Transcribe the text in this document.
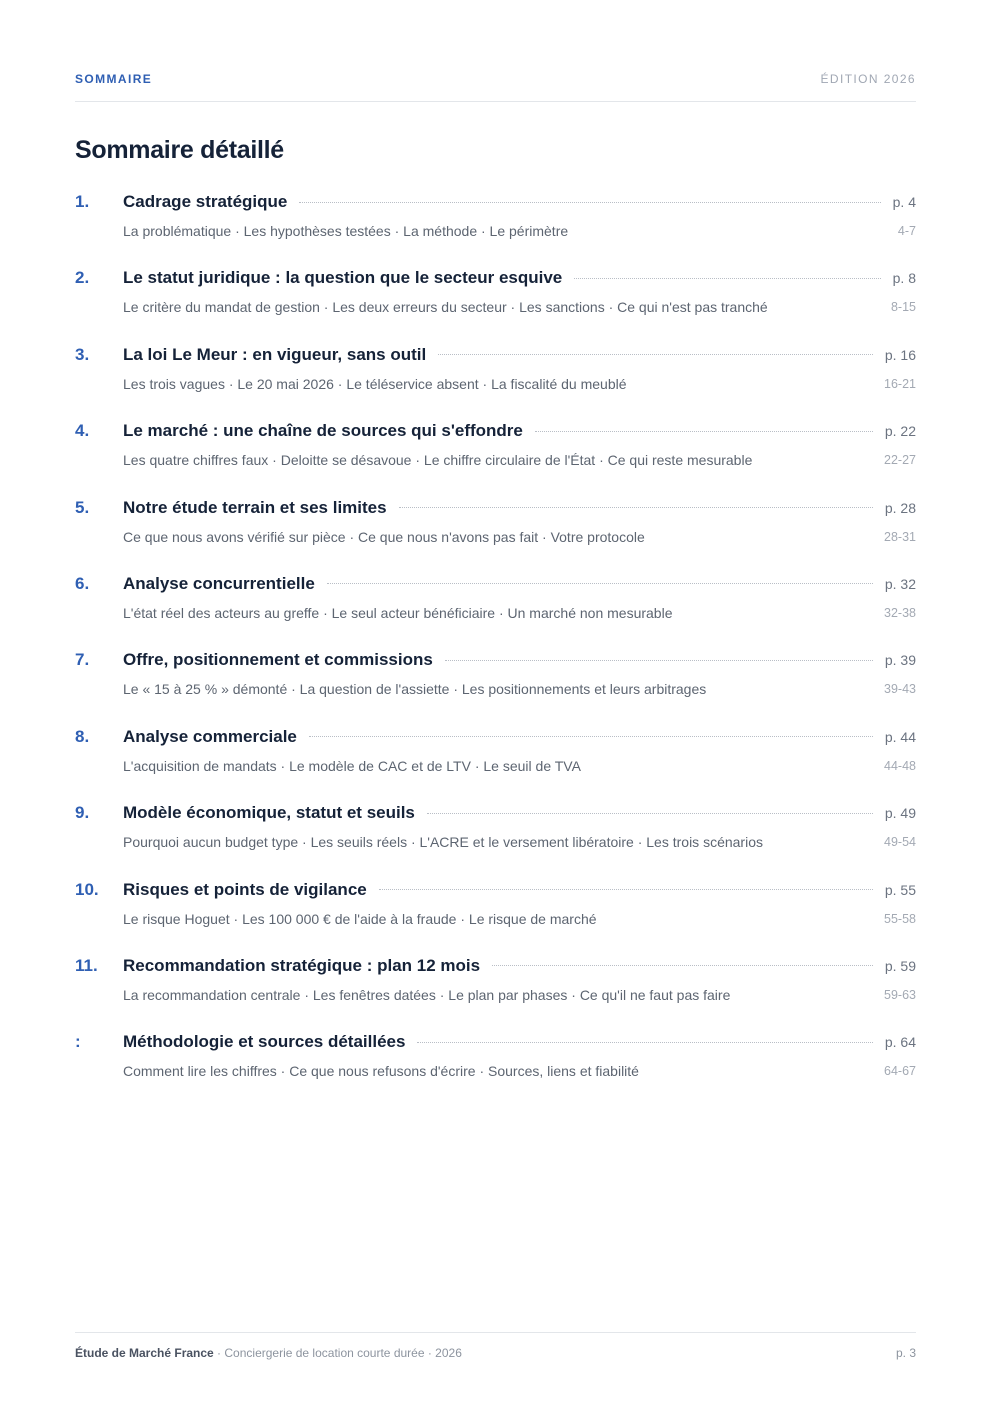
SOMMAIRE	ÉDITION 2026
Sommaire détaillé
1.	Cadrage stratégique	p. 4
La problématique · Les hypothèses testées · La méthode · Le périmètre	4-7
2.	Le statut juridique : la question que le secteur esquive	p. 8
Le critère du mandat de gestion · Les deux erreurs du secteur · Les sanctions · Ce qui n'est pas tranché	8-15
3.	La loi Le Meur : en vigueur, sans outil	p. 16
Les trois vagues · Le 20 mai 2026 · Le téléservice absent · La fiscalité du meublé	16-21
4.	Le marché : une chaîne de sources qui s'effondre	p. 22
Les quatre chiffres faux · Deloitte se désavoue · Le chiffre circulaire de l'État · Ce qui reste mesurable	22-27
5.	Notre étude terrain et ses limites	p. 28
Ce que nous avons vérifié sur pièce · Ce que nous n'avons pas fait · Votre protocole	28-31
6.	Analyse concurrentielle	p. 32
L'état réel des acteurs au greffe · Le seul acteur bénéficiaire · Un marché non mesurable	32-38
7.	Offre, positionnement et commissions	p. 39
Le « 15 à 25 % » démonté · La question de l'assiette · Les positionnements et leurs arbitrages	39-43
8.	Analyse commerciale	p. 44
L'acquisition de mandats · Le modèle de CAC et de LTV · Le seuil de TVA	44-48
9.	Modèle économique, statut et seuils	p. 49
Pourquoi aucun budget type · Les seuils réels · L'ACRE et le versement libératoire · Les trois scénarios	49-54
10.	Risques et points de vigilance	p. 55
Le risque Hoguet · Les 100 000 € de l'aide à la fraude · Le risque de marché	55-58
11.	Recommandation stratégique : plan 12 mois	p. 59
La recommandation centrale · Les fenêtres datées · Le plan par phases · Ce qu'il ne faut pas faire	59-63
:	Méthodologie et sources détaillées	p. 64
Comment lire les chiffres · Ce que nous refusons d'écrire · Sources, liens et fiabilité	64-67
Étude de Marché France · Conciergerie de location courte durée · 2026	p. 3
